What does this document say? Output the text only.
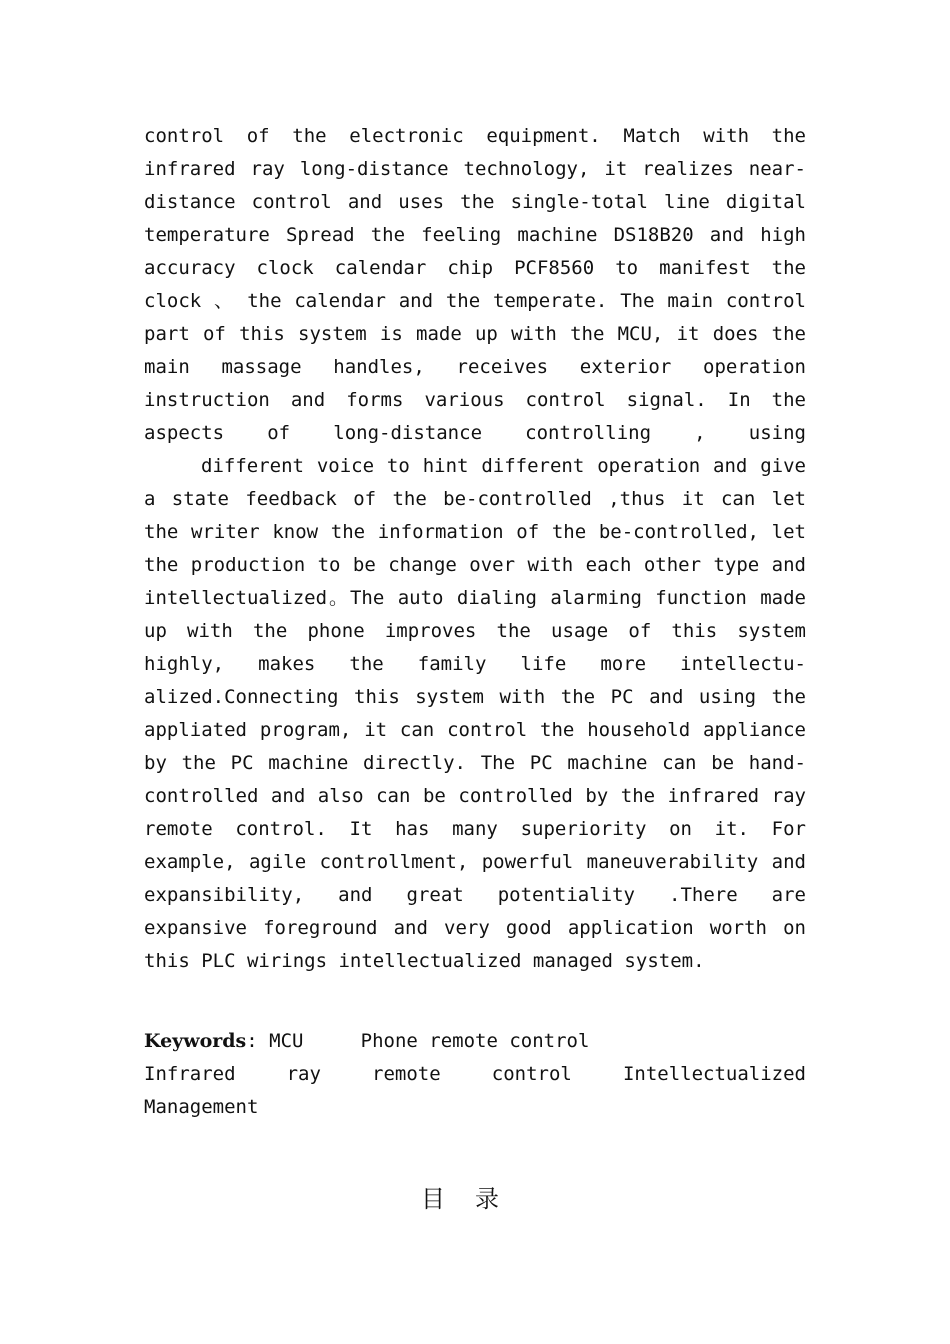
control of the electronic equipment. Match with the
infrared ray long-distance technology, it realizes near-
distance control and uses the single-total line digital
temperature Spread the feeling machine DS18B20 and high
accuracy clock calendar chip PCF8560 to manifest the
clock 、 the calendar and the temperate. The main control
part of this system is made up with the MCU, it does the
main massage handles, receives exterior operation
instruction and forms various control signal. In the
aspects of long-distance controlling , using
different voice to hint different operation and give
a state feedback of the be-controlled ,thus it can let
the writer know the information of the be-controlled, let
the production to be change over with each other type and
intellectualized。The auto dialing alarming function made
up with the phone improves the usage of this system
highly, makes the family life more intellectu-
alized.Connecting this system with the PC and using the
appliated program, it can control the household appliance
by the PC machine directly. The PC machine can be hand-
controlled and also can be controlled by the infrared ray
remote control. It has many superiority on it. For
example, agile controllment, powerful maneuverability and
expansibility, and great potentiality .There are
expansive foreground and very good application worth on
this PLC wirings intellectualized managed system.
Keywords: MCU     Phone remote control
Infrared ray remote control Intellectualized
Management
目录
